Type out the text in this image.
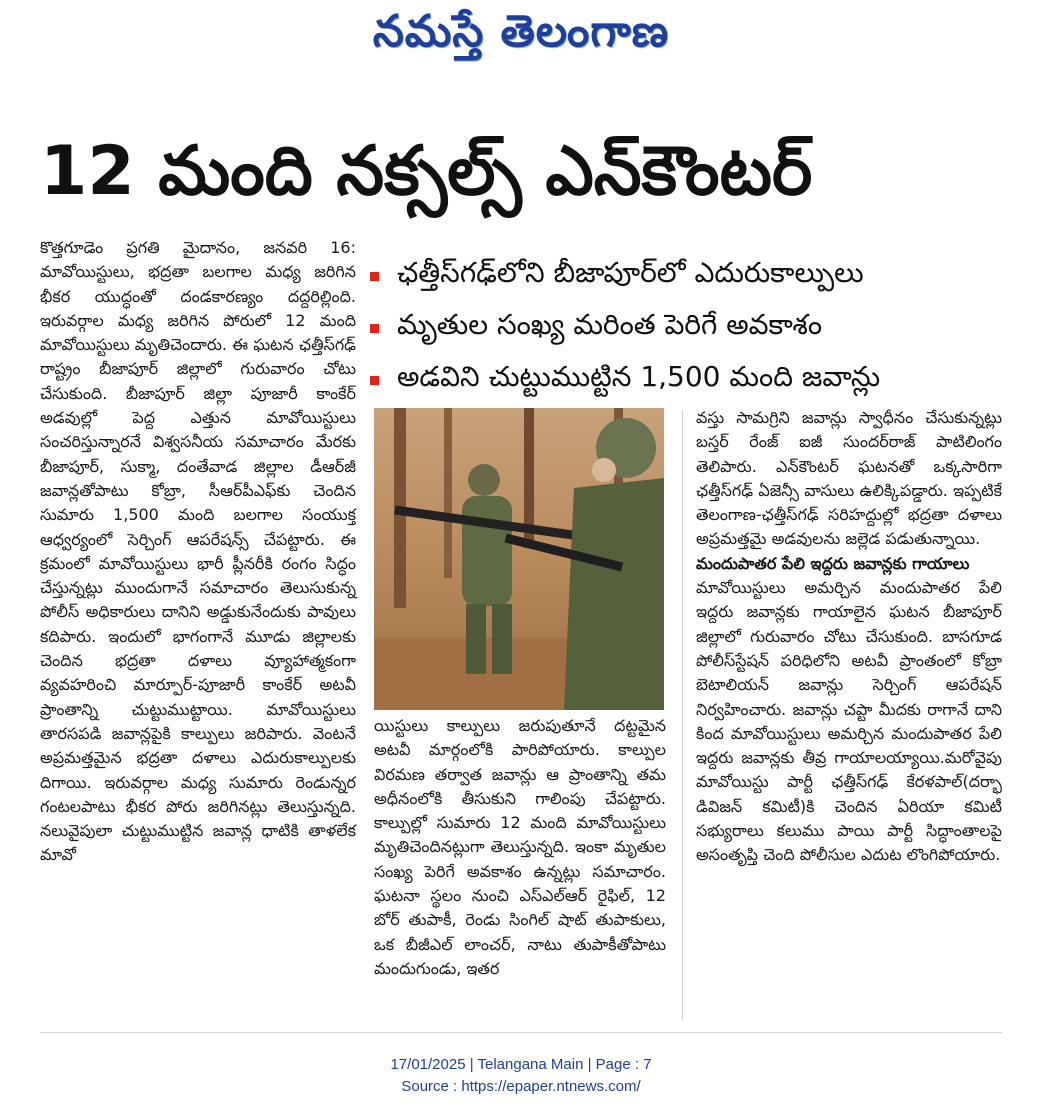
నమస్తే తెలంగాణ
12 మంది నక్సల్స్ ఎన్‌కౌంటర్
ఛత్తీస్‌గఢ్‌లోని బీజాపూర్‌లో ఎదురుకాల్పులు
మృతుల సంఖ్య మరింత పెరిగే అవకాశం
అడవిని చుట్టుముట్టిన 1,500 మంది జవాన్లు

కొత్తగూడెం ప్రగతి మైదానం, జనవరి 16: మావోయిస్టులు, భద్రతా బలగాల మధ్య జరిగిన భీకర యుద్ధంతో దండకారణ్యం దద్దరిల్లింది. ఇరువర్గాల మధ్య జరిగిన పోరులో 12 మంది మావోయిస్టులు మృతిచెందారు. ఈ ఘటన ఛత్తీస్‌గఢ్ రాష్ట్రం బీజాపూర్ జిల్లాలో గురువారం చోటు చేసుకుంది. బీజాపూర్ జిల్లా పూజారీ కాంకేర్ అడవుల్లో పెద్ద ఎత్తున మావోయిస్టులు సంచరిస్తున్నారనే విశ్వసనీయ సమాచారం మేరకు బీజాపూర్, సుక్మా, దంతేవాడ జిల్లాల డీఆర్‌జీ జవాన్లతోపాటు కోబ్రా, సీఆర్‌పీఎఫ్‌కు చెందిన సుమారు 1,500 మంది బలగాల సంయుక్త ఆధ్వర్యంలో సెర్చింగ్ ఆపరేషన్స్ చేపట్టారు. ఈ క్రమంలో మావోయిస్టులు భారీ ప్లీనరీకి రంగం సిద్ధం చేస్తున్నట్లు ముందుగానే సమాచారం తెలుసుకున్న పోలీస్ అధికారులు దానిని అడ్డుకునేందుకు పావులు కదిపారు. ఇందులో భాగంగానే మూడు జిల్లాలకు చెందిన భద్రతా దళాలు వ్యూహాత్మకంగా వ్యవహరించి మార్పూర్-పూజారీ కాంకేర్ అటవీ ప్రాంతాన్ని చుట్టుముట్టాయి. మావోయిస్టులు తారసపడి జవాన్లపైకి కాల్పులు జరిపారు. వెంటనే అప్రమత్తమైన భద్రతా దళాలు ఎదురుకాల్పులకు దిగాయి. ఇరువర్గాల మధ్య సుమారు రెండున్నర గంటలపాటు భీకర పోరు జరిగినట్లు తెలుస్తున్నది. నలువైపులా చుట్టుముట్టిన జవాన్ల ధాటికి తాళలేక మావో

యిస్టులు కాల్పులు జరుపుతూనే దట్టమైన అటవీ మార్గంలోకి పారిపోయారు. కాల్పుల విరమణ తర్వాత జవాన్లు ఆ ప్రాంతాన్ని తమ అధీనంలోకి తీసుకుని గాలింపు చేపట్టారు. కాల్పుల్లో సుమారు 12 మంది మావోయిస్టులు మృతిచెందినట్లుగా తెలుస్తున్నది. ఇంకా మృతుల సంఖ్య పెరిగే అవకాశం ఉన్నట్లు సమాచారం. ఘటనా స్థలం నుంచి ఎస్‌ఎల్‌ఆర్ రైఫిల్, 12 బోర్ తుపాకీ, రెండు సింగిల్ షాట్ తుపాకులు, ఒక బీజీఎల్ లాంచర్, నాటు తుపాకీతోపాటు మందుగుండు, ఇతర

వస్తు సామగ్రిని జవాన్లు స్వాధీనం చేసుకున్నట్లు బస్తర్ రేంజ్ ఐజీ సుందర్‌రాజ్ పాటిలింగం తెలిపారు. ఎన్‌కౌంటర్ ఘటనతో ఒక్కసారిగా ఛత్తీస్‌గఢ్ ఏజెన్సీ వాసులు ఉలిక్కిపడ్డారు. ఇప్పటికే తెలంగాణ-ఛత్తీస్‌గఢ్ సరిహద్దుల్లో భద్రతా దళాలు అప్రమత్తమై అడవులను జల్లెడ పడుతున్నాయి.

మందుపాతర పేలి ఇద్దరు జవాన్లకు గాయాలు

మావోయిస్టులు అమర్చిన మందుపాతర పేలి ఇద్దరు జవాన్లకు గాయాలైన ఘటన బీజాపూర్ జిల్లాలో గురువారం చోటు చేసుకుంది. బాసగూడ పోలీస్‌స్టేషన్ పరిధిలోని అటవీ ప్రాంతంలో కోబ్రా బెటాలియన్ జవాన్లు సెర్చింగ్ ఆపరేషన్ నిర్వహించారు. జవాన్లు చప్టా మీదకు రాగానే దాని కింద మావోయిస్టులు అమర్చిన మందుపాతర పేలి ఇద్దరు జవాన్లకు తీవ్ర గాయాలయ్యాయి.మరోవైపు మావోయిస్టు పార్టీ ఛత్తీస్‌గఢ్ కేరళపాల్(దర్భా డివిజన్ కమిటీ)కి చెందిన ఏరియా కమిటీ సభ్యురాలు కలుము పాయి పార్టీ సిద్ధాంతాలపై అసంతృప్తి చెంది పోలీసుల ఎదుట లొంగిపోయారు.

17/01/2025 | Telangana Main | Page : 7
Source : https://epaper.ntnews.com/
